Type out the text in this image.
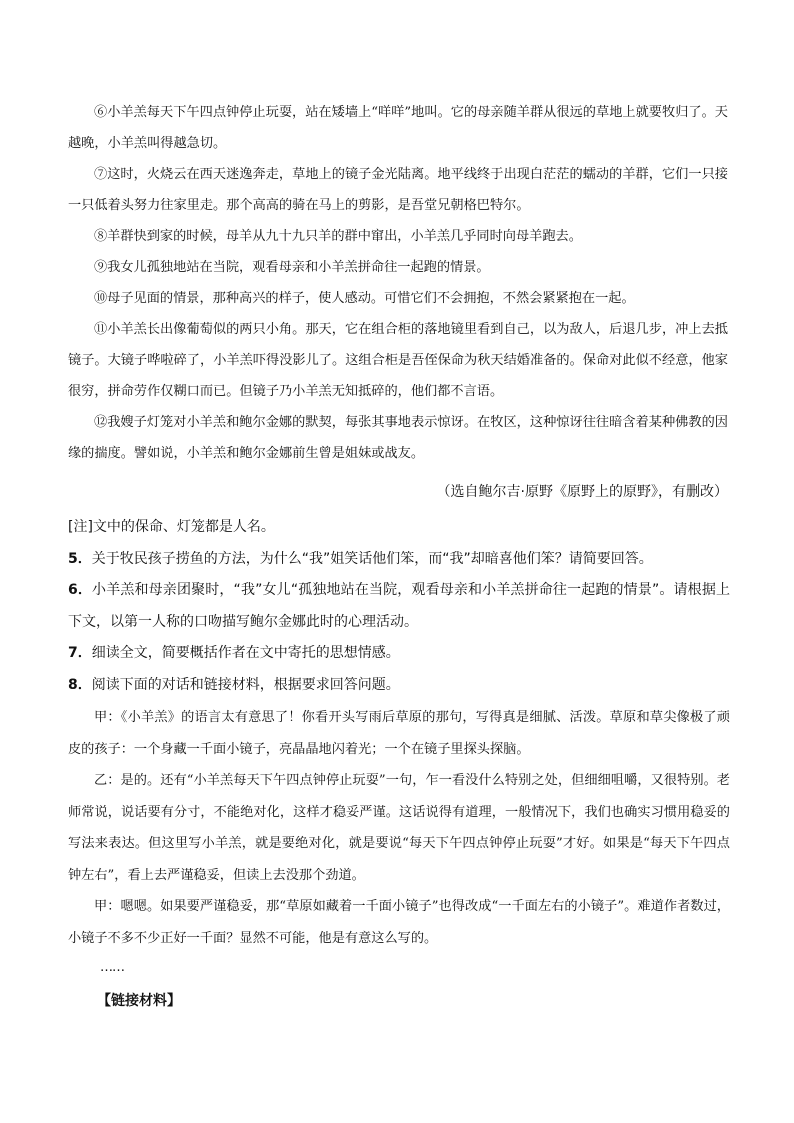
⑥小羊羔每天下午四点钟停止玩耍，站在矮墙上“咩咩”地叫。它的母亲随羊群从很远的草地上就要牧归了。天越晚，小羊羔叫得越急切。

⑦这时，火烧云在西天迷逸奔走，草地上的镜子金光陆离。地平线终于出现白茫茫的蠕动的羊群，它们一只接一只低着头努力往家里走。那个高高的骑在马上的剪影，是吾堂兄朝格巴特尔。

⑧羊群快到家的时候，母羊从九十九只羊的群中窜出，小羊羔几乎同时向母羊跑去。

⑨我女儿孤独地站在当院，观看母亲和小羊羔拼命往一起跑的情景。

⑩母子见面的情景，那种高兴的样子，使人感动。可惜它们不会拥抱，不然会紧紧抱在一起。

⑪小羊羔长出像葡萄似的两只小角。那天，它在组合柜的落地镜里看到自己，以为敌人，后退几步，冲上去抵镜子。大镜子哗啦碎了，小羊羔吓得没影儿了。这组合柜是吾侄保命为秋天结婚准备的。保命对此似不经意，他家很穷，拼命劳作仅糊口而已。但镜子乃小羊羔无知抵碎的，他们都不言语。

⑫我嫂子灯笼对小羊羔和鲍尔金娜的默契，每张其事地表示惊讶。在牧区，这种惊讶往往暗含着某种佛教的因缘的揣度。譬如说，小羊羔和鲍尔金娜前生曾是姐妹或战友。

（选自鲍尔吉·原野《原野上的原野》，有删改）

[注]文中的保命、灯笼都是人名。

5．关于牧民孩子捞鱼的方法，为什么“我”姐笑话他们笨，而“我”却暗喜他们笨？请简要回答。

6．小羊羔和母亲团聚时，“我”女儿“孤独地站在当院，观看母亲和小羊羔拼命往一起跑的情景”。请根据上下文，以第一人称的口吻描写鲍尔金娜此时的心理活动。

7．细读全文，简要概括作者在文中寄托的思想情感。

8．阅读下面的对话和链接材料，根据要求回答问题。

甲：《小羊羔》的语言太有意思了！你看开头写雨后草原的那句，写得真是细腻、活泼。草原和草尖像极了顽皮的孩子：一个身藏一千面小镜子，亮晶晶地闪着光；一个在镜子里探头探脑。

乙：是的。还有“小羊羔每天下午四点钟停止玩耍”一句，乍一看没什么特别之处，但细细咀嚼，又很特别。老师常说，说话要有分寸，不能绝对化，这样才稳妥严谨。这话说得有道理，一般情况下，我们也确实习惯用稳妥的写法来表达。但这里写小羊羔，就是要绝对化，就是要说“每天下午四点钟停止玩耍”才好。如果是“每天下午四点钟左右”，看上去严谨稳妥，但读上去没那个劲道。

甲：嗯嗯。如果要严谨稳妥，那“草原如藏着一千面小镜子”也得改成“一千面左右的小镜子”。难道作者数过，小镜子不多不少正好一千面？显然不可能，他是有意这么写的。

……
【链接材料】
